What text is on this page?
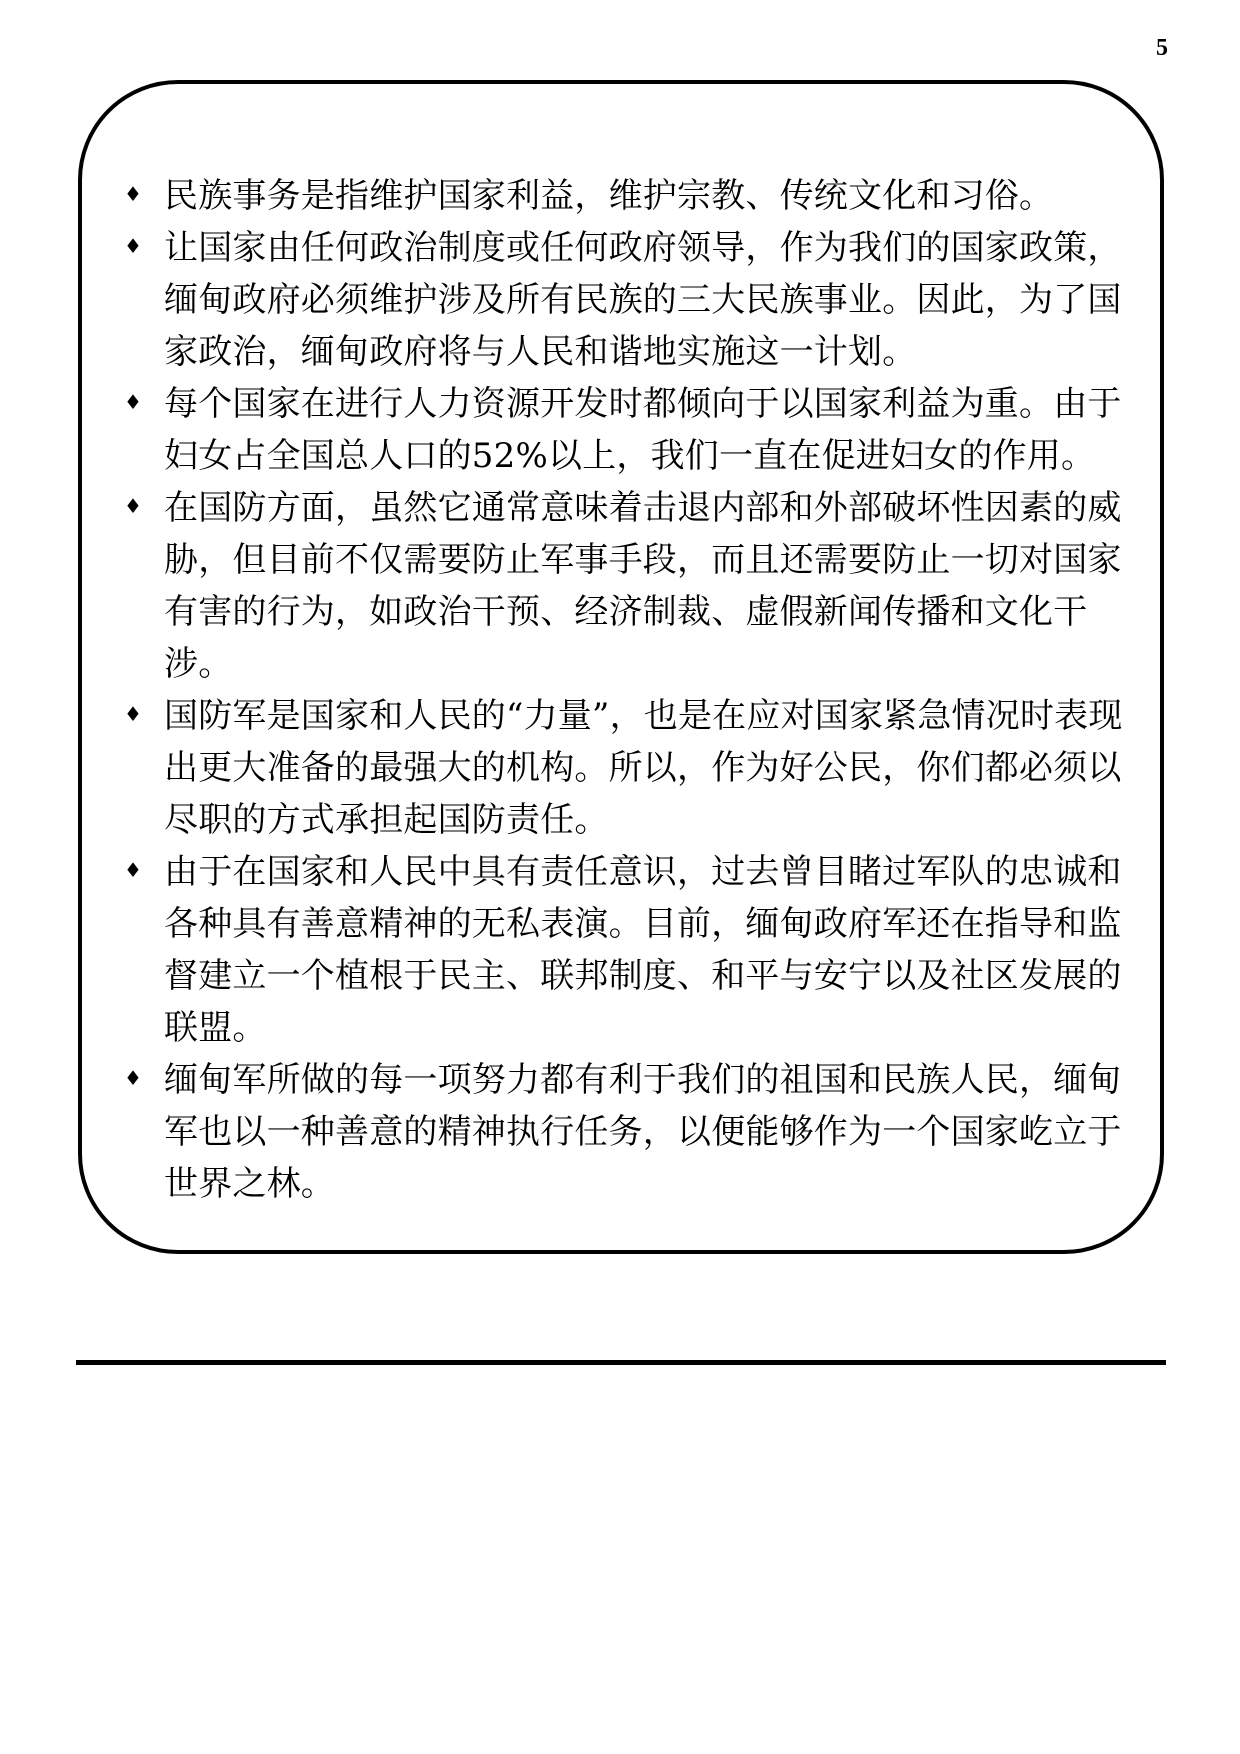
5
♦ 民族事务是指维护国家利益，维护宗教、传统文化和习俗。
♦ 让国家由任何政治制度或任何政府领导，作为我们的国家政策，缅甸政府必须维护涉及所有民族的三大民族事业。因此，为了国家政治，缅甸政府将与人民和谐地实施这一计划。
♦ 每个国家在进行人力资源开发时都倾向于以国家利益为重。由于妇女占全国总人口的52%以上，我们一直在促进妇女的作用。
♦ 在国防方面，虽然它通常意味着击退内部和外部破坏性因素的威胁，但目前不仅需要防止军事手段，而且还需要防止一切对国家有害的行为，如政治干预、经济制裁、虚假新闻传播和文化干涉。
♦ 国防军是国家和人民的“力量”，也是在应对国家紧急情况时表现出更大准备的最强大的机构。所以，作为好公民，你们都必须以尽职的方式承担起国防责任。
♦ 由于在国家和人民中具有责任意识，过去曾目睹过军队的忠诚和各种具有善意精神的无私表演。目前，缅甸政府军还在指导和监督建立一个植根于民主、联邦制度、和平与安宁以及社区发展的联盟。
♦ 缅甸军所做的每一项努力都有利于我们的祖国和民族人民，缅甸军也以一种善意的精神执行任务，以便能够作为一个国家屹立于世界之林。
